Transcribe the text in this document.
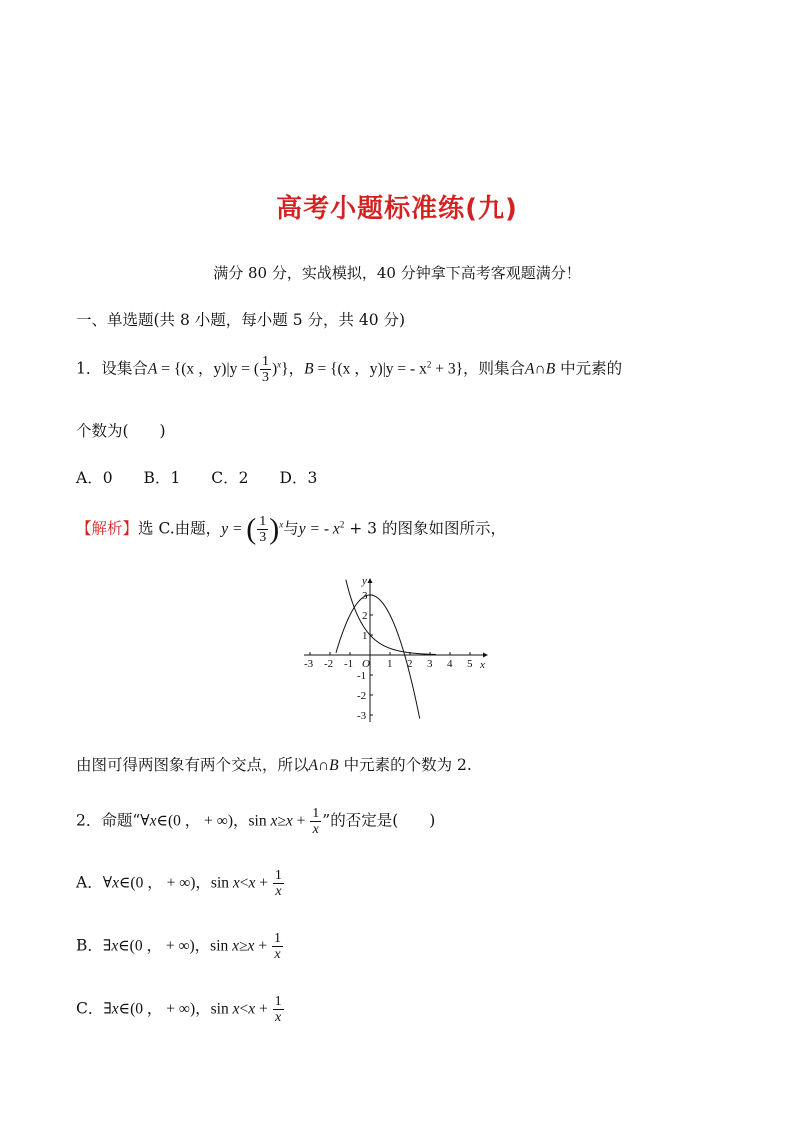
高考小题标准练(九)
满分 80 分，实战模拟，40 分钟拿下高考客观题满分！
一、单选题(共 8 小题，每小题 5 分，共 40 分)
1．设集合A = {(x ，y)|y = ( $\frac{1}{3} )^x$}，B = {(x ，y)|y = - $x^2 + 3$}，则集合A∩B 中元素的
个数为(　　)
A．0　　B．1　　C．2　　D．3
【解析】选 C.由题，y = ( $\frac{1}{3} )^x$与y = - $x^2 + 3$ 的图象如图所示，
y
x
O
-3 -2 -1	1 2 3 4 5
3
2
1
-1
-2
-3
由图可得两图象有两个交点，所以A∩B 中元素的个数为 2.
2．命题“∀x∈(0 ， + ∞)，$\sin x\ge x + \frac{1}{x}$ ”的否定是(　　)
A．∀x∈(0 ， + ∞)，$\sin x<x + \frac{1}{x}$
B．∃x∈(0 ， + ∞)，$\sin x\ge x + \frac{1}{x}$
C．∃x∈(0 ， + ∞)，$\sin x<x + \frac{1}{x}$
